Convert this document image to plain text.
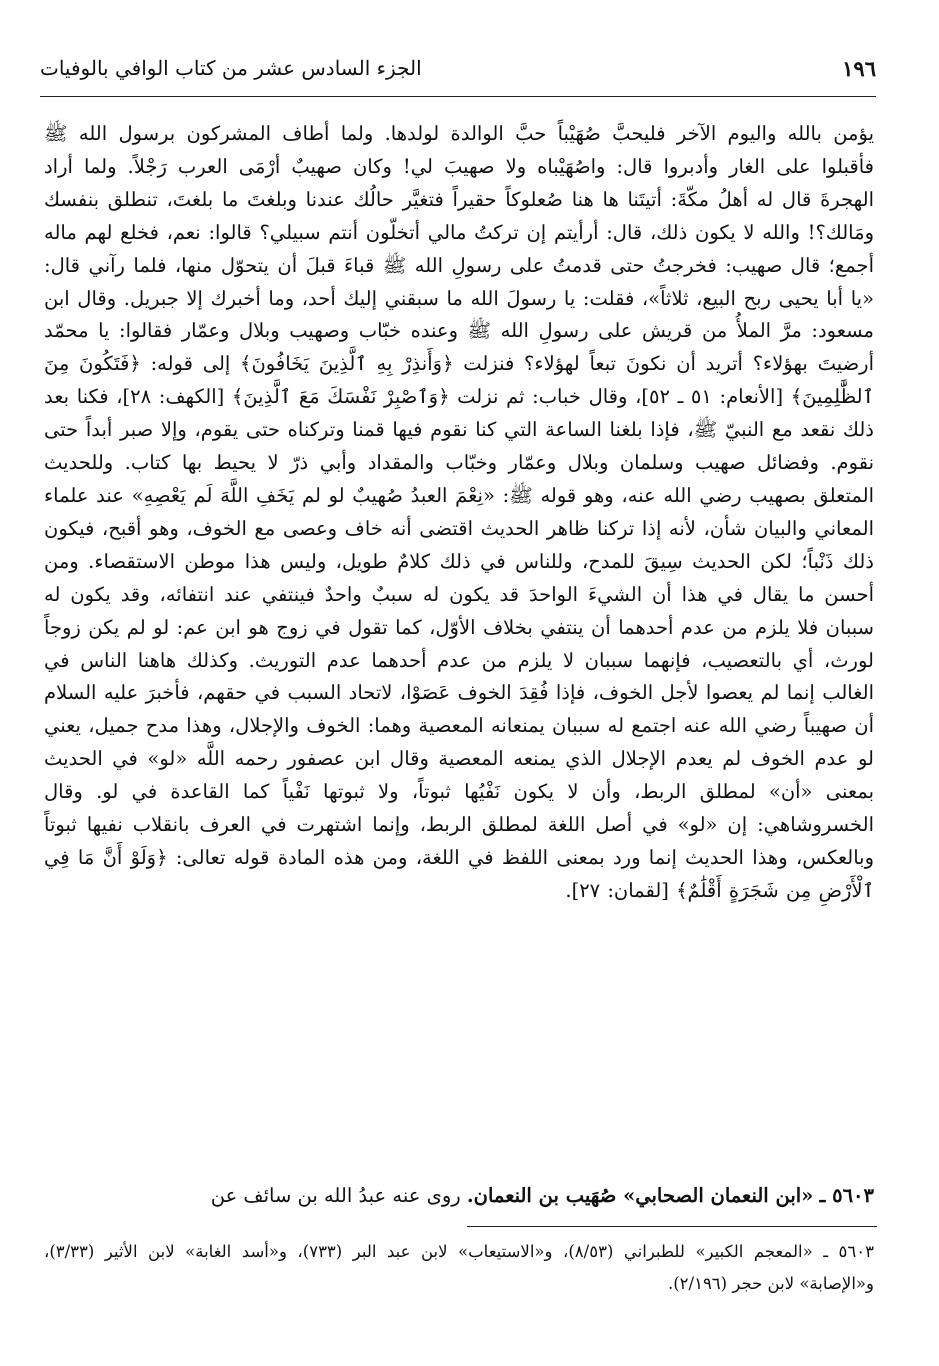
١٩٦
الجزء السادس عشر من كتاب الوافي بالوفيات

يؤمن بالله واليوم الآخر فليحبَّ صُهَيْباً حبَّ الوالدة لولدها. ولما أطاف المشركون برسول الله ﷺ فأقبلوا على الغار وأدبروا قال: واصُهَيْباه ولا صهيبَ لي! وكان صهيبٌ أرْمَى العرب رَجْلاً. ولما أراد الهجرةَ قال له أهلُ مكّةَ: أتيتَنا ها هنا صُعلوكاً حقيراً فتغيَّر حالُك عندنا وبلغتَ ما بلغتَ، تنطلق بنفسك ومَالك؟! والله لا يكون ذلك، قال: أرأيتم إن تركتُ مالي أتخلّون أنتم سبيلي؟ قالوا: نعم، فخلع لهم ماله أجمع؛ قال صهيب: فخرجتُ حتى قدمتُ على رسولِ الله ﷺ قباءَ قبلَ أن يتحوّل منها، فلما رآني قال: «يا أبا يحيى ربح البيع، ثلاثاً»، فقلت: يا رسولَ الله ما سبقني إليك أحد، وما أخبرك إلا جبريل. وقال ابن مسعود: مرَّ الملأُ من قريش على رسولِ الله ﷺ وعنده خبّاب وصهيب وبلال وعمّار فقالوا: يا محمّد أرضيتَ بهؤلاء؟ أتريد أن نكونَ تبعاً لهؤلاء؟ فنزلت ﴿وَأَنذِرْ بِهِ ٱلَّذِينَ يَخَافُونَ﴾ إلى قوله: ﴿فَتَكُونَ مِنَ ٱلظَّٰلِمِينَ﴾ [الأنعام: ٥١ ـ ٥٢]، وقال خباب: ثم نزلت ﴿وَٱصْبِرْ نَفْسَكَ مَعَ ٱلَّذِينَ﴾ [الكهف: ٢٨]، فكنا بعد ذلك نقعد مع النبيّ ﷺ، فإذا بلغنا الساعة التي كنا نقوم فيها قمنا وتركناه حتى يقوم، وإلا صبر أبداً حتى نقوم. وفضائل صهيب وسلمان وبلال وعمّار وخبّاب والمقداد وأبي ذرّ لا يحيط بها كتاب. وللحديث المتعلق بصهيب رضي الله عنه، وهو قوله ﷺ: «نِعْمَ العبدُ صُهيبٌ لو لم يَخَفِ اللَّهَ لَم يَعْصِهِ» عند علماء المعاني والبيان شأن، لأنه إذا تركنا ظاهر الحديث اقتضى أنه خاف وعصى مع الخوف، وهو أقبح، فيكون ذلك ذَنْباً؛ لكن الحديث سِيقَ للمدح، وللناس في ذلك كلامٌ طويل، وليس هذا موطن الاستقصاء. ومن أحسن ما يقال في هذا أن الشيءَ الواحدَ قد يكون له سببٌ واحدٌ فينتفي عند انتفائه، وقد يكون له سببان فلا يلزم من عدم أحدهما أن ينتفي بخلاف الأوّل، كما تقول في زوج هو ابن عم: لو لم يكن زوجاً لورث، أي بالتعصيب، فإنهما سببان لا يلزم من عدم أحدهما عدم التوريث. وكذلك هاهنا الناس في الغالب إنما لم يعصوا لأجل الخوف، فإذا فُقِدَ الخوف عَصَوْا، لاتحاد السبب في حقهم، فأخبرَ عليه السلام أن صهيباً رضي الله عنه اجتمع له سببان يمنعانه المعصية وهما: الخوف والإجلال، وهذا مدح جميل، يعني لو عدم الخوف لم يعدم الإجلال الذي يمنعه المعصية وقال ابن عصفور رحمه اللَّه «لو» في الحديث بمعنى «أن» لمطلق الربط، وأن لا يكون نَفْيُها ثبوتاً، ولا ثبوتها نَفْياً كما القاعدة في لو. وقال الخسروشاهي: إن «لو» في أصل اللغة لمطلق الربط، وإنما اشتهرت في العرف بانقلاب نفيها ثبوتاً وبالعكس، وهذا الحديث إنما ورد بمعنى اللفظ في اللغة، ومن هذه المادة قوله تعالى: ﴿وَلَوْ أَنَّ مَا فِي ٱلْأَرْضِ مِن شَجَرَةٍ أَقْلَٰمٌ﴾ [لقمان: ٢٧].

٥٦٠٣ ـ «ابن النعمان الصحابي» صُهَيب بن النعمان. روى عنه عبدُ الله بن سائف عن

٥٦٠٣ ـ «المعجم الكبير» للطبراني (٨/٥٣)، و«الاستيعاب» لابن عبد البر (٧٣٣)، و«أسد الغابة» لابن الأثير (٣/٣٣)، و«الإصابة» لابن حجر (٢/١٩٦).
